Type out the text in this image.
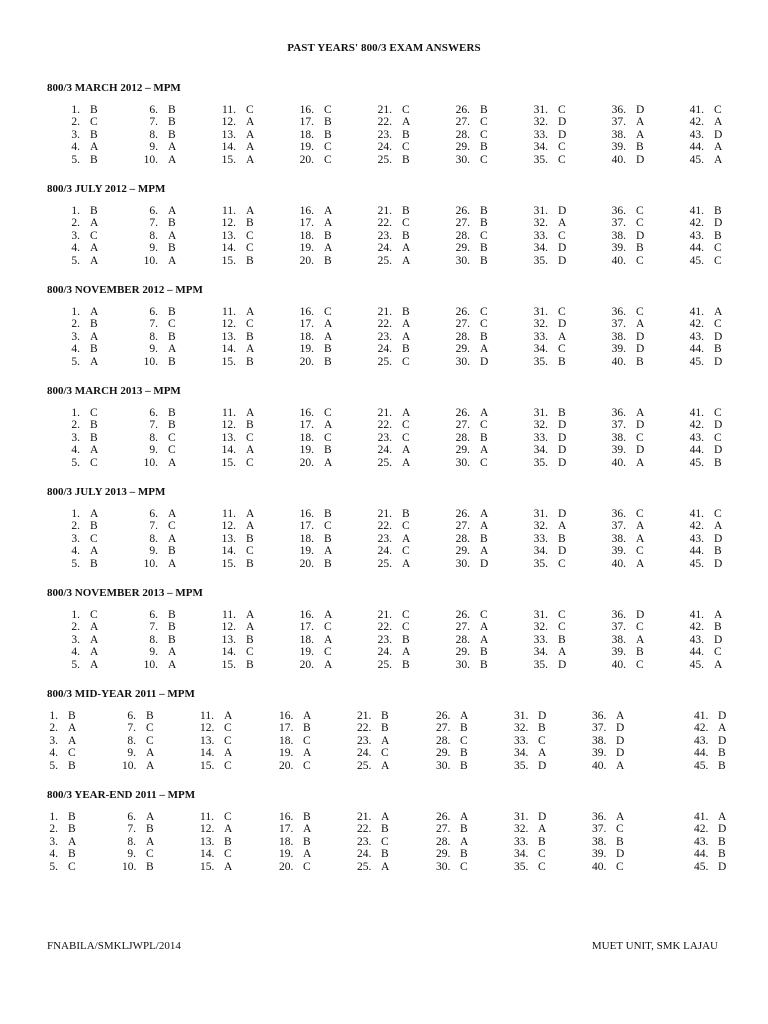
PAST YEARS' 800/3 EXAM ANSWERS
800/3 MARCH 2012 – MPM
1. B
2. C
3. B
4. A
5. B
6. B
7. B
8. B
9. A
10. A
11. C
12. A
13. A
14. A
15. A
16. C
17. B
18. B
19. C
20. C
21. C
22. A
23. B
24. C
25. B
26. B
27. C
28. C
29. B
30. C
31. C
32. D
33. D
34. C
35. C
36. D
37. A
38. A
39. B
40. D
41. C
42. A
43. D
44. A
45. A
800/3 JULY 2012 – MPM
1. B
2. A
3. C
4. A
5. A
6. A
7. B
8. A
9. B
10. A
11. A
12. B
13. C
14. C
15. B
16. A
17. A
18. B
19. A
20. B
21. B
22. C
23. B
24. A
25. A
26. B
27. B
28. C
29. B
30. B
31. D
32. A
33. C
34. D
35. D
36. C
37. C
38. D
39. B
40. C
41. B
42. D
43. B
44. C
45. C
800/3 NOVEMBER 2012 – MPM
1. A
2. B
3. A
4. B
5. A
6. B
7. C
8. B
9. A
10. B
11. A
12. C
13. B
14. A
15. B
16. C
17. A
18. A
19. B
20. B
21. B
22. A
23. A
24. B
25. C
26. C
27. C
28. B
29. A
30. D
31. C
32. D
33. A
34. C
35. B
36. C
37. A
38. D
39. D
40. B
41. A
42. C
43. D
44. B
45. D
800/3 MARCH 2013 – MPM
1. C
2. B
3. B
4. A
5. C
6. B
7. B
8. C
9. C
10. A
11. A
12. B
13. C
14. A
15. C
16. C
17. A
18. C
19. B
20. A
21. A
22. C
23. C
24. A
25. A
26. A
27. C
28. B
29. A
30. C
31. B
32. D
33. D
34. D
35. D
36. A
37. D
38. C
39. D
40. A
41. C
42. D
43. C
44. D
45. B
800/3 JULY 2013 – MPM
1. A
2. B
3. C
4. A
5. B
6. A
7. C
8. A
9. B
10. A
11. A
12. A
13. B
14. C
15. B
16. B
17. C
18. B
19. A
20. B
21. B
22. C
23. A
24. C
25. A
26. A
27. A
28. B
29. A
30. D
31. D
32. A
33. B
34. D
35. C
36. C
37. A
38. A
39. C
40. A
41. C
42. A
43. D
44. B
45. D
800/3 NOVEMBER 2013 – MPM
1. C
2. A
3. A
4. A
5. A
6. B
7. B
8. B
9. A
10. A
11. A
12. A
13. B
14. C
15. B
16. A
17. C
18. A
19. C
20. A
21. C
22. C
23. B
24. A
25. B
26. C
27. A
28. A
29. B
30. B
31. C
32. C
33. B
34. A
35. D
36. D
37. C
38. A
39. B
40. C
41. A
42. B
43. D
44. C
45. A
800/3 MID-YEAR 2011 – MPM
1. B
2. A
3. A
4. C
5. B
6. B
7. C
8. C
9. A
10. A
11. A
12. C
13. C
14. A
15. C
16. A
17. B
18. C
19. A
20. C
21. B
22. B
23. A
24. C
25. A
26. A
27. B
28. C
29. B
30. B
31. D
32. B
33. C
34. A
35. D
36. A
37. D
38. D
39. D
40. A
41. D
42. A
43. D
44. B
45. B
800/3 YEAR-END 2011 – MPM
1. B
2. B
3. A
4. B
5. C
6. A
7. B
8. A
9. C
10. B
11. C
12. A
13. B
14. C
15. A
16. B
17. A
18. B
19. A
20. C
21. A
22. B
23. C
24. B
25. A
26. A
27. B
28. A
29. B
30. C
31. D
32. A
33. B
34. C
35. C
36. A
37. C
38. B
39. D
40. C
41. A
42. D
43. B
44. B
45. D
FNABILA/SMKLJWPL/2014	MUET UNIT, SMK LAJAU
